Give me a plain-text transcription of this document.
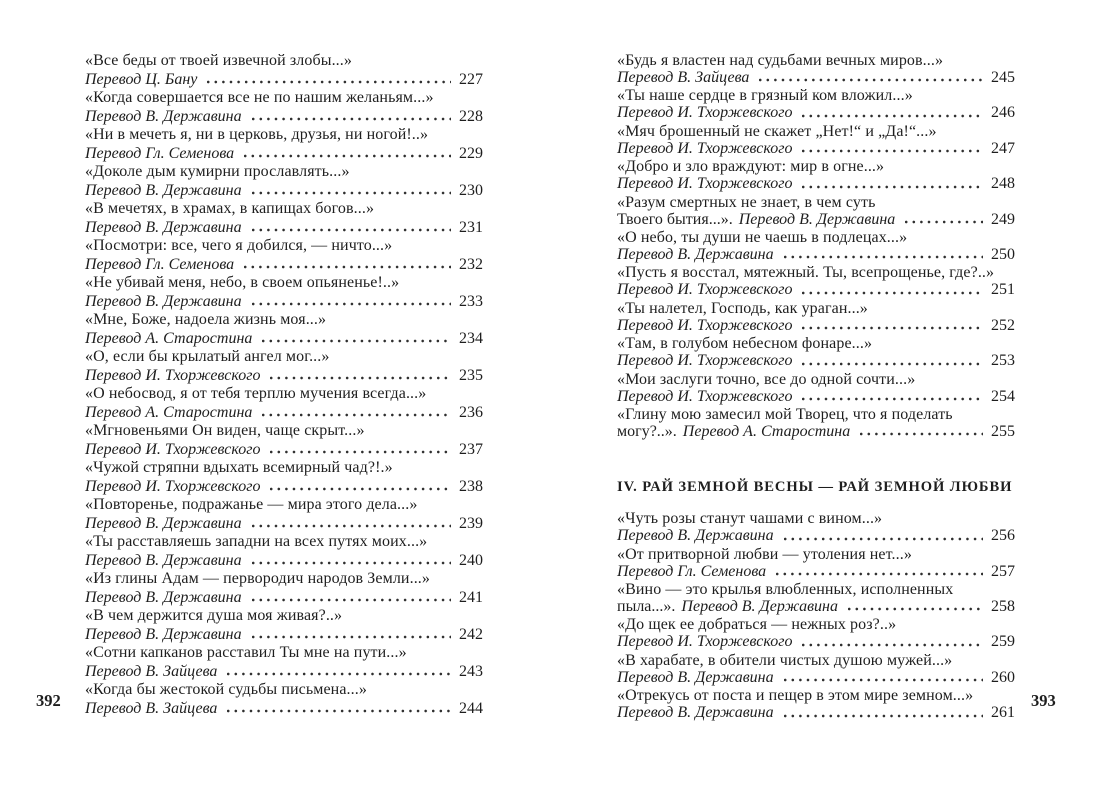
«Все беды от твоей извечной злобы...»
Перевод Ц. Бану	227
«Когда совершается все не по нашим желаньям...»
Перевод В. Державина	228
«Ни в мечеть я, ни в церковь, друзья, ни ногой!..»
Перевод Гл. Семенова	229
«Доколе дым кумирни прославлять...»
Перевод В. Державина	230
«В мечетях, в храмах, в капищах богов...»
Перевод В. Державина	231
«Посмотри: все, чего я добился, — ничто...»
Перевод Гл. Семенова	232
«Не убивай меня, небо, в своем опьяненье!..»
Перевод В. Державина	233
«Мне, Боже, надоела жизнь моя...»
Перевод А. Старостина	234
«О, если бы крылатый ангел мог...»
Перевод И. Тхоржевского	235
«О небосвод, я от тебя терплю мучения всегда...»
Перевод А. Старостина	236
«Мгновеньями Он виден, чаще скрыт...»
Перевод И. Тхоржевского	237
«Чужой стряпни вдыхать всемирный чад?!.»
Перевод И. Тхоржевского	238
«Повторенье, подражанье — мира этого дела...»
Перевод В. Державина	239
«Ты расставляешь западни на всех путях моих...»
Перевод В. Державина	240
«Из глины Адам — первородич народов Земли...»
Перевод В. Державина	241
«В чем держится душа моя живая?..»
Перевод В. Державина	242
«Сотни капканов расставил Ты мне на пути...»
Перевод В. Зайцева	243
«Когда бы жестокой судьбы письмена...»
Перевод В. Зайцева	244
«Будь я властен над судьбами вечных миров...»
Перевод В. Зайцева	245
«Ты наше сердце в грязный ком вложил...»
Перевод И. Тхоржевского	246
«Мяч брошенный не скажет „Нет!“ и „Да!“...»
Перевод И. Тхоржевского	247
«Добро и зло враждуют: мир в огне...»
Перевод И. Тхоржевского	248
«Разум смертных не знает, в чем суть
Твоего бытия...». Перевод В. Державина	249
«О небо, ты души не чаешь в подлецах...»
Перевод В. Державина	250
«Пусть я восстал, мятежный. Ты, всепрощенье, где?..»
Перевод И. Тхоржевского	251
«Ты налетел, Господь, как ураган...»
Перевод И. Тхоржевского	252
«Там, в голубом небесном фонаре...»
Перевод И. Тхоржевского	253
«Мои заслуги точно, все до одной сочти...»
Перевод И. Тхоржевского	254
«Глину мою замесил мой Творец, что я поделать
могу?..». Перевод А. Старостина	255
IV. РАЙ ЗЕМНОЙ ВЕСНЫ — РАЙ ЗЕМНОЙ ЛЮБВИ
«Чуть розы станут чашами с вином...»
Перевод В. Державина	256
«От притворной любви — утоления нет...»
Перевод Гл. Семенова	257
«Вино — это крылья влюбленных, исполненных
пыла...». Перевод В. Державина	258
«До щек ее добраться — нежных роз?..»
Перевод И. Тхоржевского	259
«В харабате, в обители чистых душою мужей...»
Перевод В. Державина	260
«Отрекусь от поста и пещер в этом мире земном...»
Перевод В. Державина	261
392	393
